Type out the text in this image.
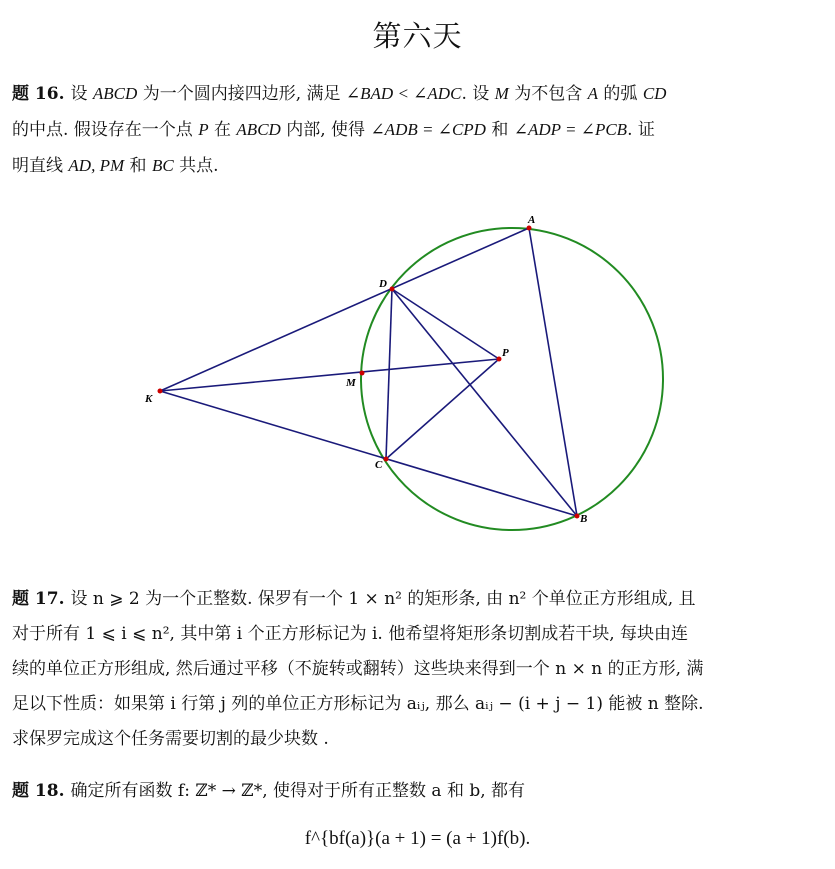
第六天
题 16. 设 ABCD 为一个圆内接四边形, 满足 ∠BAD < ∠ADC. 设 M 为不包含 A 的弧 CD
的中点. 假设存在一个点 P 在 ABCD 内部, 使得 ∠ADB = ∠CPD 和 ∠ADP = ∠PCB. 证
明直线 AD, PM 和 BC 共点.
A
B
C
D
P
M
K
题 17. 设 n ⩾ 2 为一个正整数. 保罗有一个 1 × n² 的矩形条, 由 n² 个单位正方形组成, 且
对于所有 1 ⩽ i ⩽ n², 其中第 i 个正方形标记为 i. 他希望将矩形条切割成若干块, 每块由连
续的单位正方形组成, 然后通过平移（不旋转或翻转）这些块来得到一个 n × n 的正方形, 满
足以下性质：如果第 i 行第 j 列的单位正方形标记为 aᵢⱼ, 那么 aᵢⱼ − (i + j − 1) 能被 n 整除.
求保罗完成这个任务需要切割的最少块数 .
题 18. 确定所有函数 f: ℤ* → ℤ*, 使得对于所有正整数 a 和 b, 都有
f^{bf(a)}(a + 1) = (a + 1)f(b).
